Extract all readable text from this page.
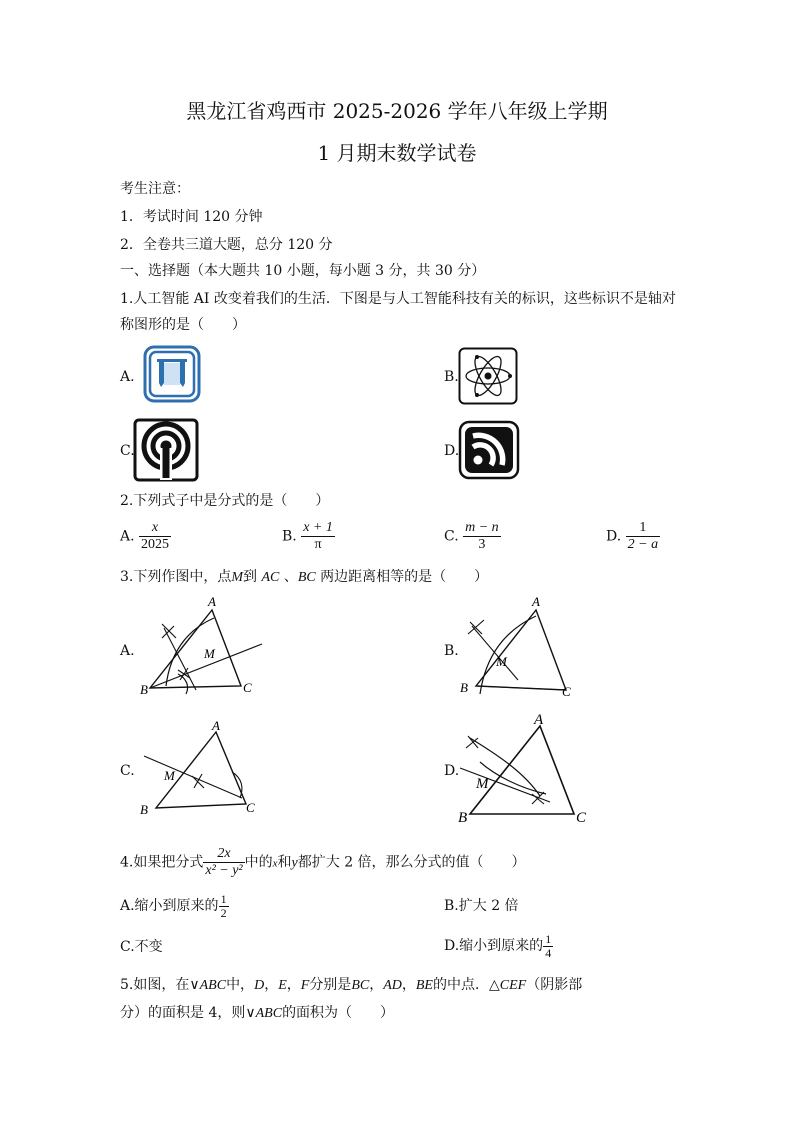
黑龙江省鸡西市 2025-2026 学年八年级上学期
1 月期末数学试卷
考生注意：
1．考试时间 120 分钟
2．全卷共三道大题，总分 120 分
一、选择题（本大题共 10 小题，每小题 3 分，共 30 分）
1.人工智能 AI 改变着我们的生活．下图是与人工智能科技有关的标识，这些标识不是轴对
称图形的是（　　）
A.	B.
C.	D.
2.下列式子中是分式的是（　　）
A. $\frac{x}{2025}$	B. $\frac{x + 1}{\pi}$	C. $\frac{m - n}{3}$	D. $\frac{1}{2 - a}$
3.下列作图中，点M到 AC 、BC 两边距离相等的是（　　）
A.
A
B	C
M	B.
A
B	C
M
C.
A
B	C
M	D.
A
B	C
M
4.如果把分式 $\frac{2x}{\text{x² − y²}}$ 中的x和y都扩大 2 倍，那么分式的值（　　）
A.缩小到原来的 $\frac{1}{2}$	B.扩大 2 倍
C.不变	D.缩小到原来的 $\frac{1}{4}$
5.如图，在∨ABC中，D，E，F分别是BC，AD，BE的中点．△CEF（阴影部
分）的面积是 4，则∨ABC的面积为（　　）
